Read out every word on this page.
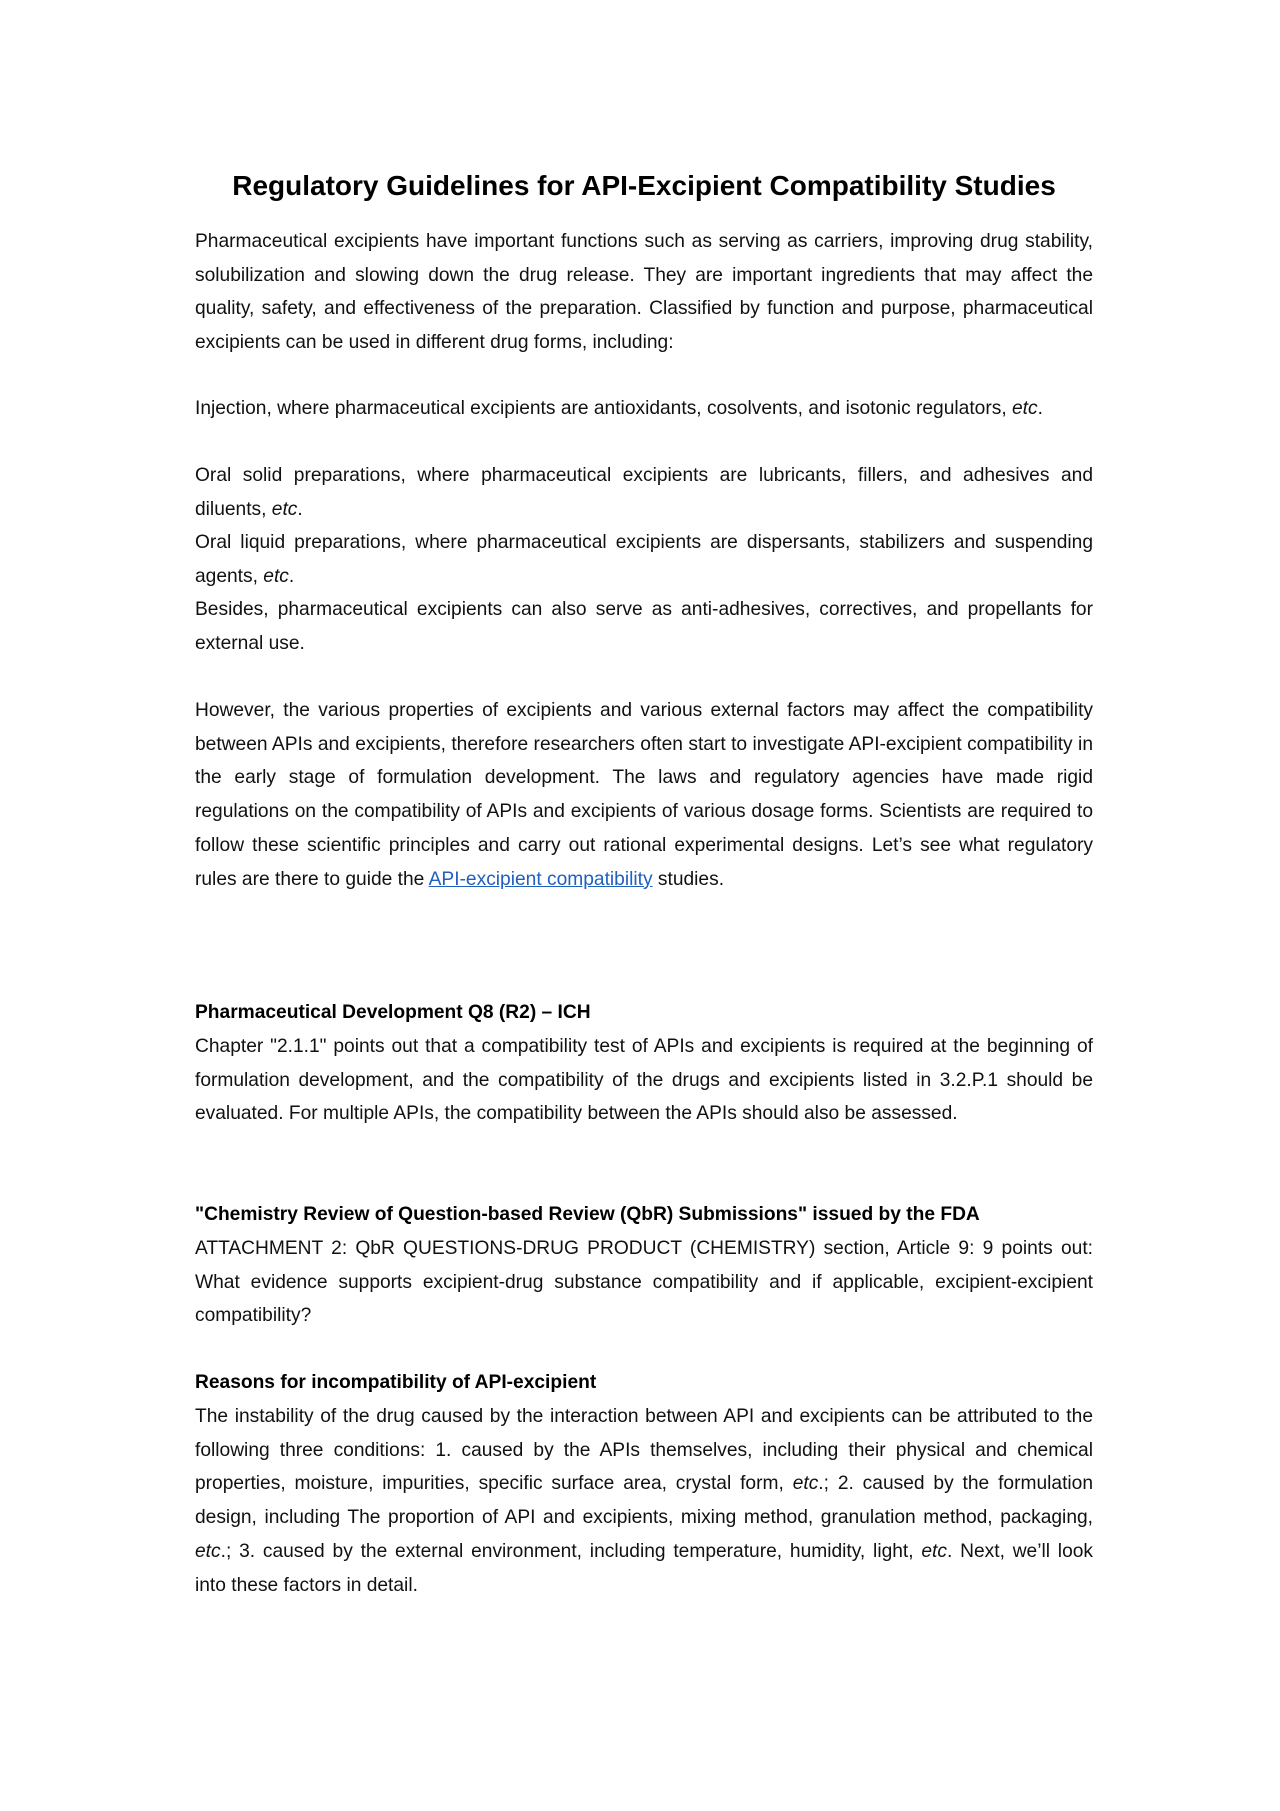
Regulatory Guidelines for API-Excipient Compatibility Studies

Pharmaceutical excipients have important functions such as serving as carriers, improving drug stability, solubilization and slowing down the drug release. They are important ingredients that may affect the quality, safety, and effectiveness of the preparation. Classified by function and purpose, pharmaceutical excipients can be used in different drug forms, including:

Injection, where pharmaceutical excipients are antioxidants, cosolvents, and isotonic regulators, etc.

Oral solid preparations, where pharmaceutical excipients are lubricants, fillers, and adhesives and diluents, etc.

Oral liquid preparations, where pharmaceutical excipients are dispersants, stabilizers and suspending agents, etc.

Besides, pharmaceutical excipients can also serve as anti-adhesives, correctives, and propellants for external use.

However, the various properties of excipients and various external factors may affect the compatibility between APIs and excipients, therefore researchers often start to investigate API-excipient compatibility in the early stage of formulation development. The laws and regulatory agencies have made rigid regulations on the compatibility of APIs and excipients of various dosage forms. Scientists are required to follow these scientific principles and carry out rational experimental designs. Let’s see what regulatory rules are there to guide the API-excipient compatibility studies.

Pharmaceutical Development Q8 (R2) – ICH

Chapter "2.1.1" points out that a compatibility test of APIs and excipients is required at the beginning of formulation development, and the compatibility of the drugs and excipients listed in 3.2.P.1 should be evaluated. For multiple APIs, the compatibility between the APIs should also be assessed.

"Chemistry Review of Question-based Review (QbR) Submissions" issued by the FDA

ATTACHMENT 2: QbR QUESTIONS-DRUG PRODUCT (CHEMISTRY) section, Article 9: 9 points out: What evidence supports excipient-drug substance compatibility and if applicable, excipient-excipient compatibility?

Reasons for incompatibility of API-excipient

The instability of the drug caused by the interaction between API and excipients can be attributed to the following three conditions: 1. caused by the APIs themselves, including their physical and chemical properties, moisture, impurities, specific surface area, crystal form, etc.; 2. caused by the formulation design, including The proportion of API and excipients, mixing method, granulation method, packaging, etc.; 3. caused by the external environment, including temperature, humidity, light, etc. Next, we’ll look into these factors in detail.
